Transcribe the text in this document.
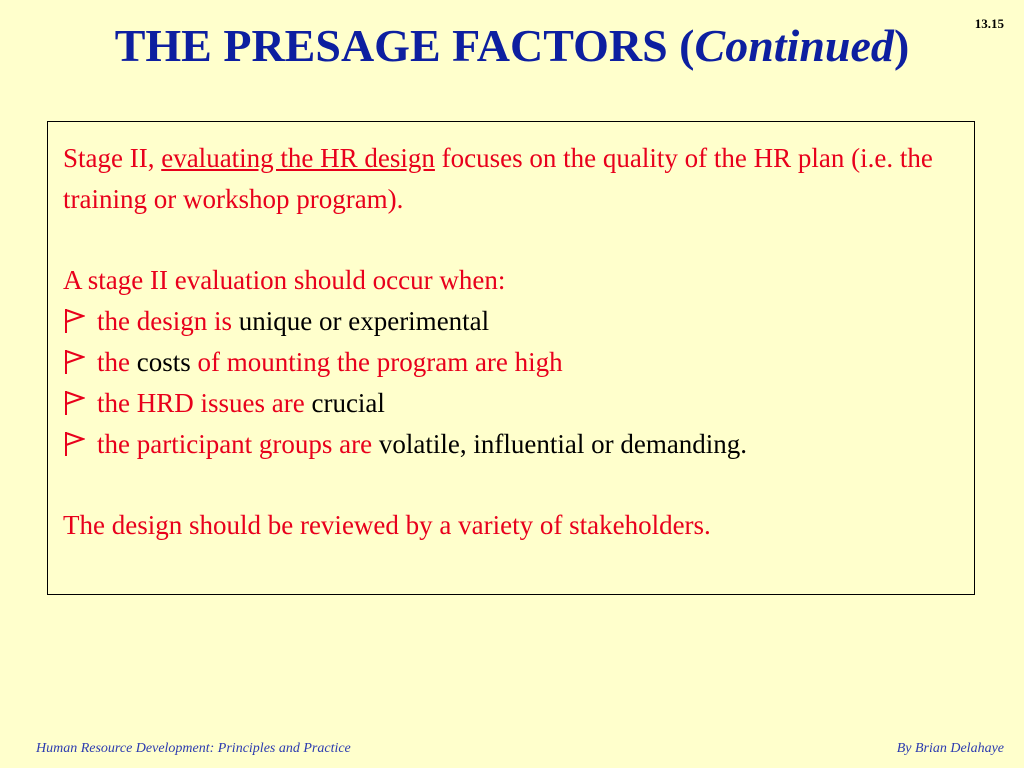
13.15
THE PRESAGE FACTORS (Continued)

Stage II, evaluating the HR design focuses on the quality of the HR plan (i.e. the training or workshop program).

A stage II evaluation should occur when:

the design is unique or experimental

the costs of mounting the program are high

the HRD issues are crucial

the participant groups are volatile, influential or demanding.

The design should be reviewed by a variety of stakeholders.

Human Resource Development: Principles and Practice	By Brian Delahaye
